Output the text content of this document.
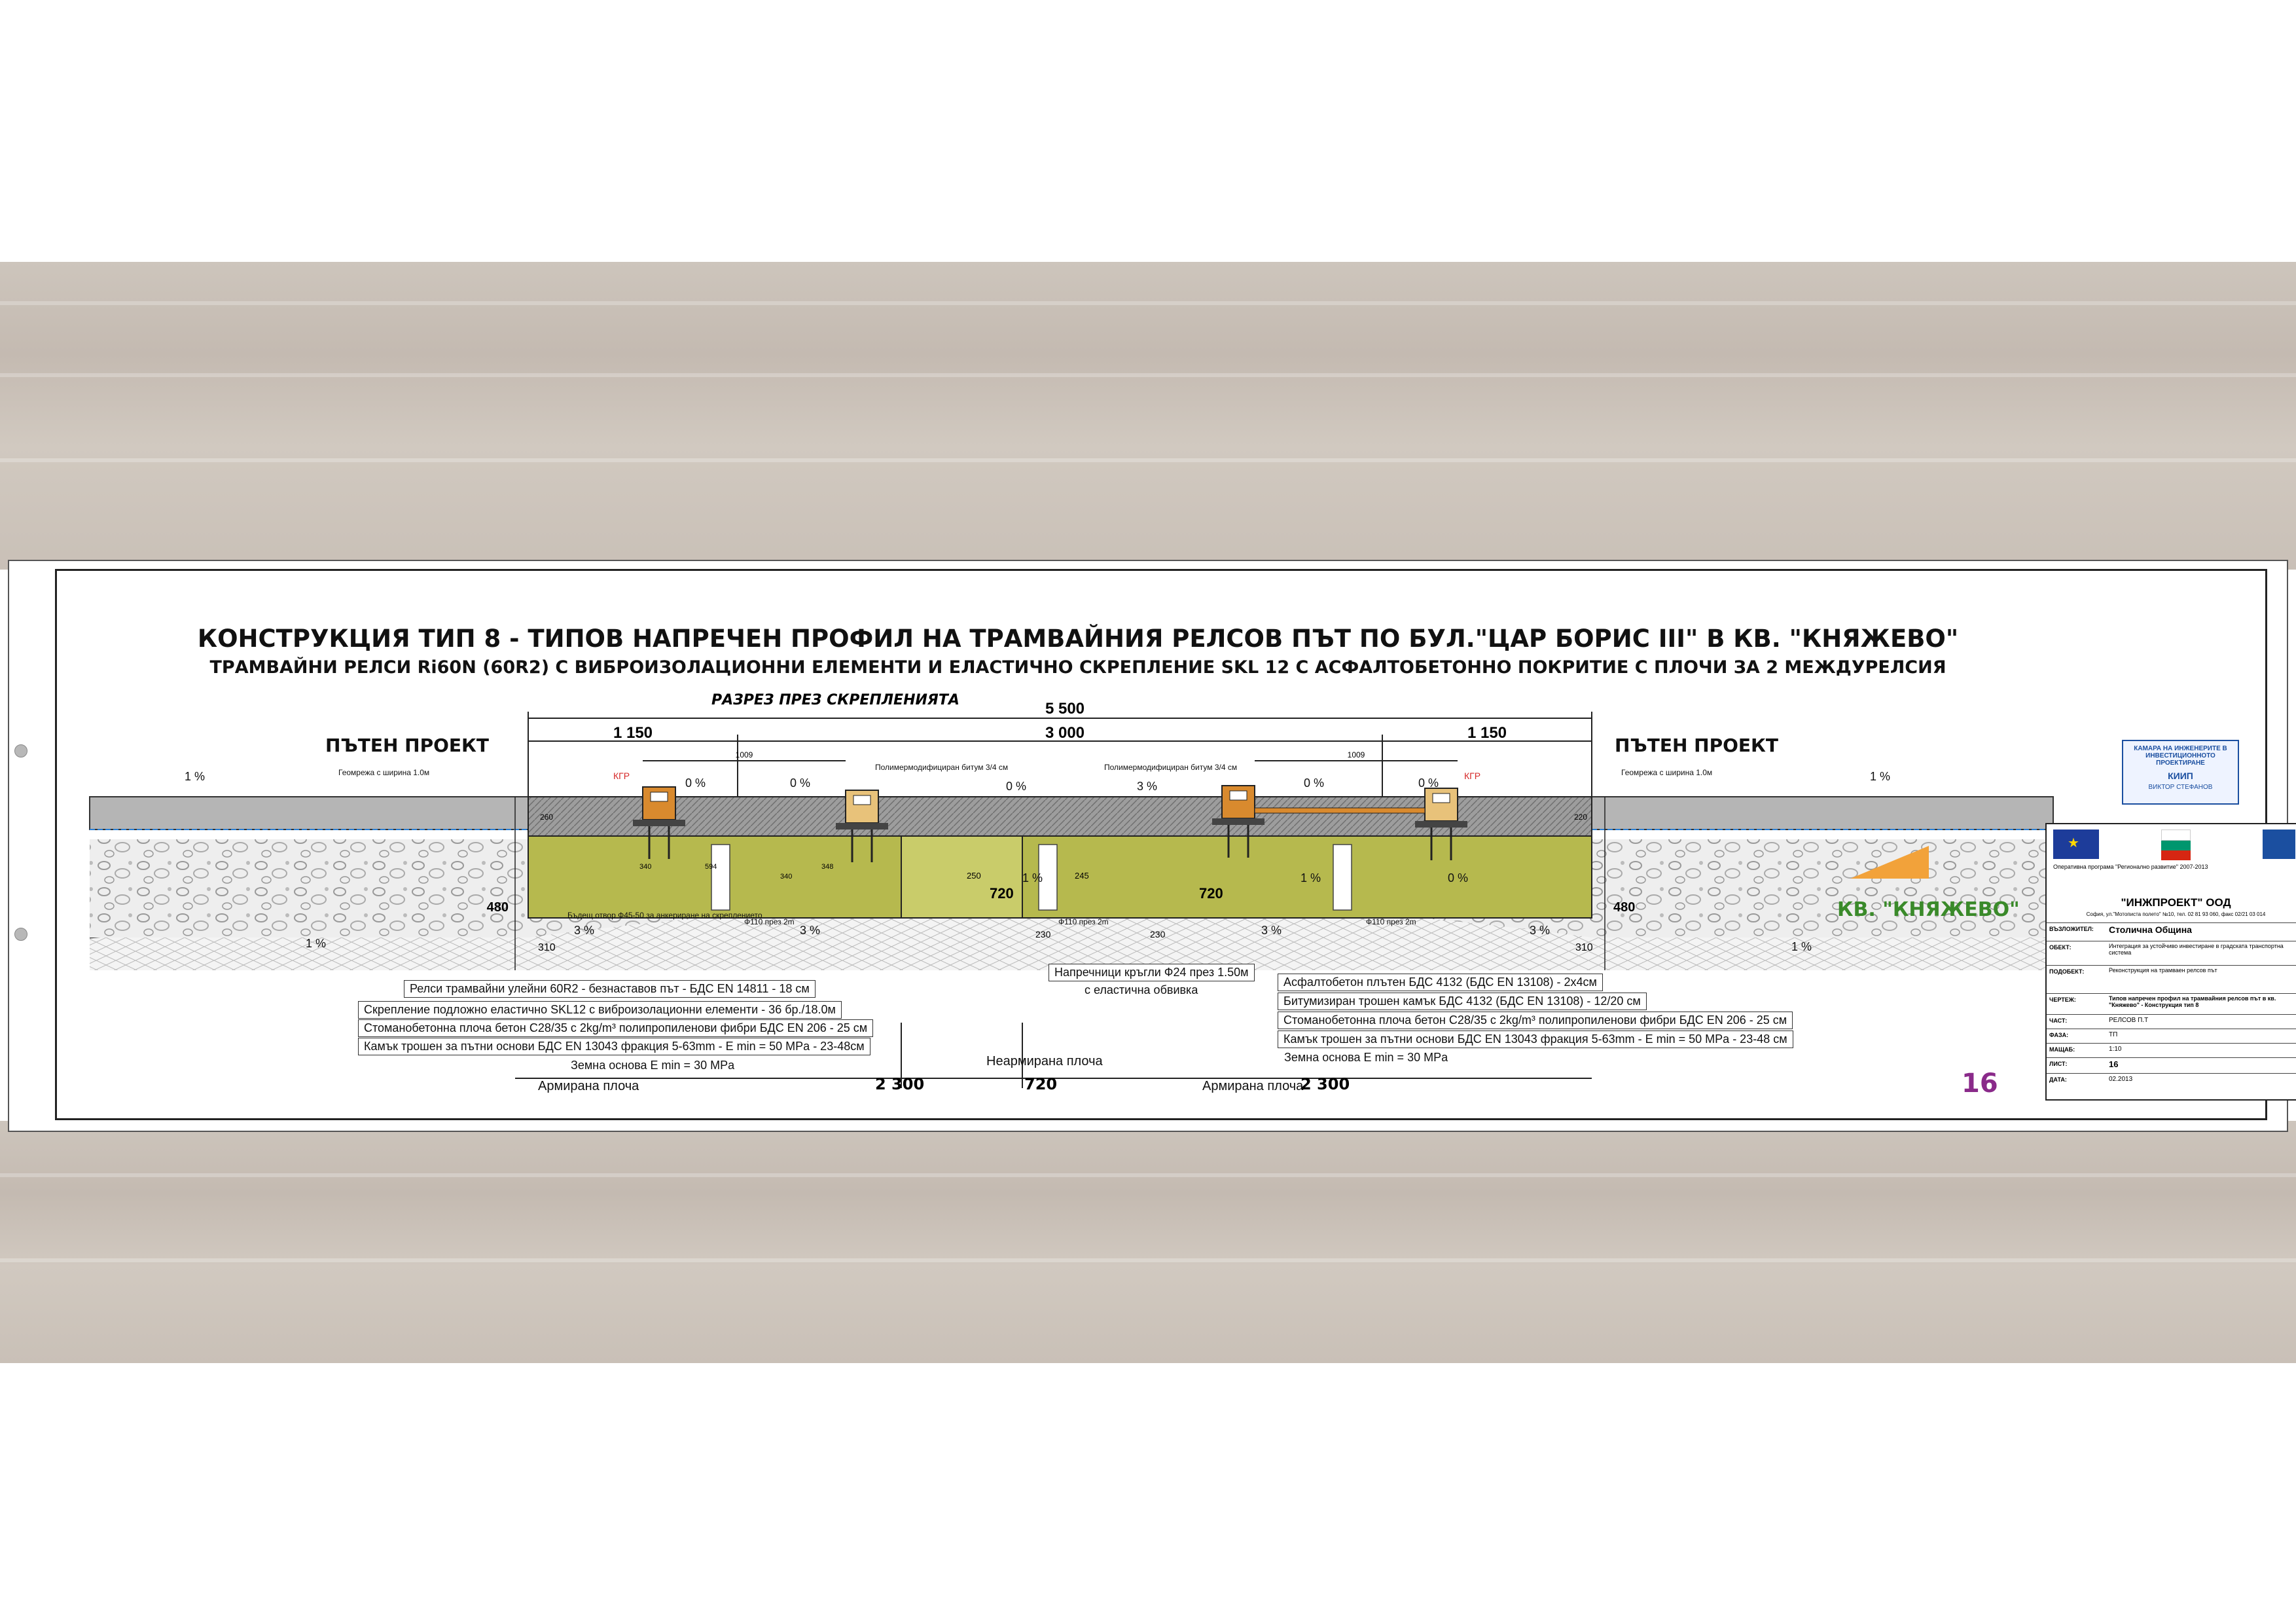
КОНСТРУКЦИЯ ТИП 8 - ТИПОВ НАПРЕЧЕН ПРОФИЛ НА ТРАМВАЙНИЯ РЕЛСОВ ПЪТ ПО БУЛ."ЦАР БОРИС III" В КВ. "КНЯЖЕВО"
ТРАМВАЙНИ РЕЛСИ Ri60N (60R2) С ВИБРОИЗОЛАЦИОННИ ЕЛЕМЕНТИ И ЕЛАСТИЧНО СКРЕПЛЕНИЕ SKL 12 С АСФАЛТОБЕТОННО ПОКРИТИЕ С ПЛОЧИ ЗА 2 МЕЖДУРЕЛСИЯ
РАЗРЕЗ ПРЕЗ СКРЕПЛЕНИЯТА
ПЪТЕН ПРОЕКТ	ПЪТЕН ПРОЕКТ
5 500
1 150	3 000	1 150
1009	1009
480	480
310	310
720	720
230	230
250	245
340
340
594	348
260	220
1 %	0 %	0 %	0 %	3 %	0 %	0 %	1 %
1 %
3 %	3 %	3 %	3 %
1 %
1 %	1 %	0 %
Геомрежа с ширина 1.0м	Геомрежа с ширина 1.0м
Полимермодифициран битум 3/4 см	Полимермодифициран битум 3/4 см
Бъдещ отвор Ф45-50 за анкериране на скреплението
Ф110 през 2m	Ф110 през 2m	Ф110 през 2m
КГР	КГР
КВ. "КНЯЖЕВО"
Напречници кръгли Ф24 през 1.50м
с еластична обвивка
Релси трамвайни улейни 60R2 - безнаставов път - БДС EN 14811 - 18 см
Скрепление подложно еластично SKL12 с виброизолационни елементи - 36 бр./18.0м
Стоманобетонна плоча бетон C28/35 с 2kg/m³ полипропиленови фибри БДС EN 206 - 25 см
Камък трошен за пътни основи БДС EN 13043 фракция 5-63mm - E min = 50 MPa - 23-48см
Земна основа E min = 30 MPa
Асфалтобетон плътен БДС 4132 (БДС EN 13108) - 2х4см
Битумизиран трошен камък БДС 4132 (БДС EN 13108) - 12/20 см
Стоманобетонна плоча бетон C28/35 с 2kg/m³ полипропиленови фибри БДС EN 206 - 25 см
Камък трошен за пътни основи БДС EN 13043 фракция 5-63mm - E min = 50 MPa - 23-48 см
Земна основа E min = 30 MPa
Армирана плоча	2 300
Неармирана плоча
720	Армирана плоча
2 300	16
КАМАРА НА ИНЖЕНЕРИТЕ В ИНВЕСТИЦИОННОТО ПРОЕКТИРАНЕ
КИИП
ВИКТОР СТЕФАНОВ
★
Оперативна програма "Регионално развитие" 2007-2013
"ИНЖПРОЕКТ" ООД
София, ул."Мотописта полето" №10, тел. 02 81 93 060, факс 02/21 03 014
ВЪЗЛОЖИТЕЛ: Столична Община
ОБЕКТ:	Интеграция за устойчиво инвестиране в градската транспортна система
ПОДОБЕКТ:	Реконструкция на трамваен релсов път
ЧЕРТЕЖ:	Типов напречен профил на трамвайния релсов път в кв. "Княжево" - Конструкция тип 8
ЧАСТ:	РЕЛСОВ П.Т
ФАЗА:	ТП
МАЩАБ:	1:10
ЛИСТ:	16
ДАТА:	02.2013
